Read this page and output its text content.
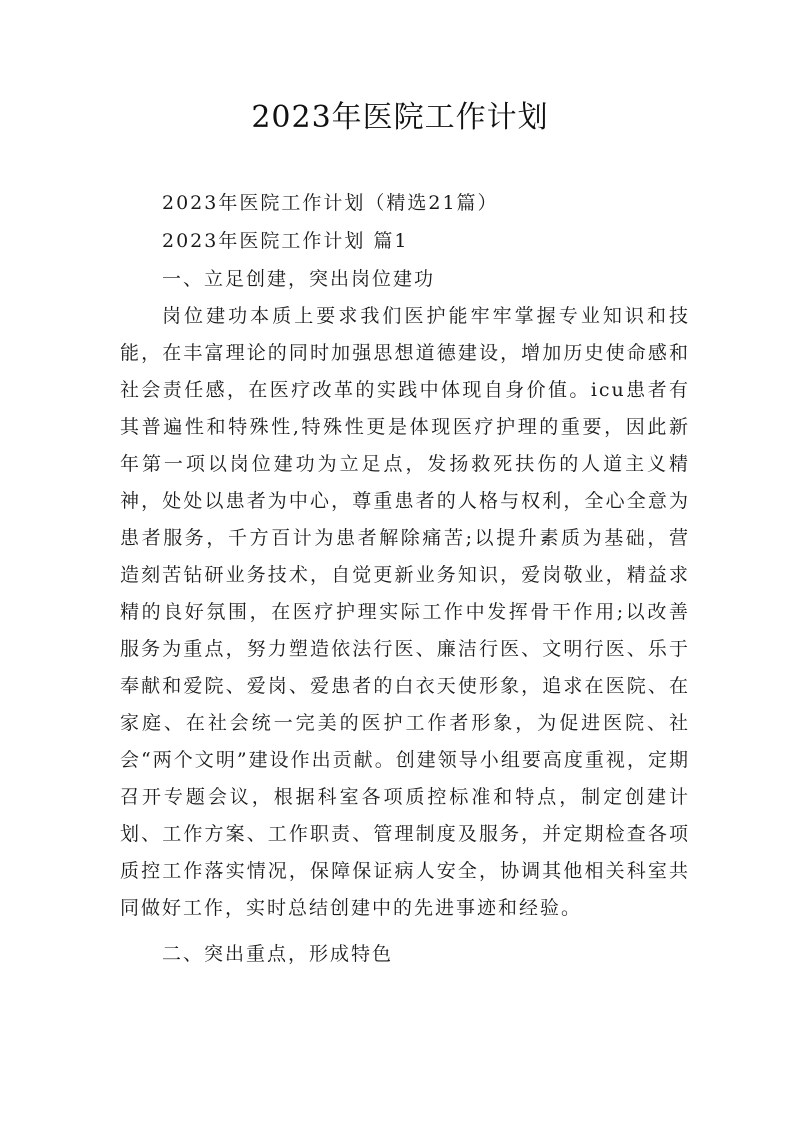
2023年医院工作计划

2023年医院工作计划（精选21篇）

2023年医院工作计划 篇1

一、立足创建，突出岗位建功

岗位建功本质上要求我们医护能牢牢掌握专业知识和技能，在丰富理论的同时加强思想道德建设，增加历史使命感和社会责任感，在医疗改革的实践中体现自身价值。icu患者有其普遍性和特殊性,特殊性更是体现医疗护理的重要，因此新年第一项以岗位建功为立足点，发扬救死扶伤的人道主义精神，处处以患者为中心，尊重患者的人格与权利，全心全意为患者服务，千方百计为患者解除痛苦;以提升素质为基础，营造刻苦钻研业务技术，自觉更新业务知识，爱岗敬业，精益求精的良好氛围，在医疗护理实际工作中发挥骨干作用;以改善服务为重点，努力塑造依法行医、廉洁行医、文明行医、乐于奉献和爱院、爱岗、爱患者的白衣天使形象，追求在医院、在家庭、在社会统一完美的医护工作者形象，为促进医院、社会“两个文明”建设作出贡献。创建领导小组要高度重视，定期召开专题会议，根据科室各项质控标准和特点，制定创建计划、工作方案、工作职责、管理制度及服务，并定期检查各项质控工作落实情况，保障保证病人安全，协调其他相关科室共同做好工作，实时总结创建中的先进事迹和经验。

二、突出重点，形成特色
